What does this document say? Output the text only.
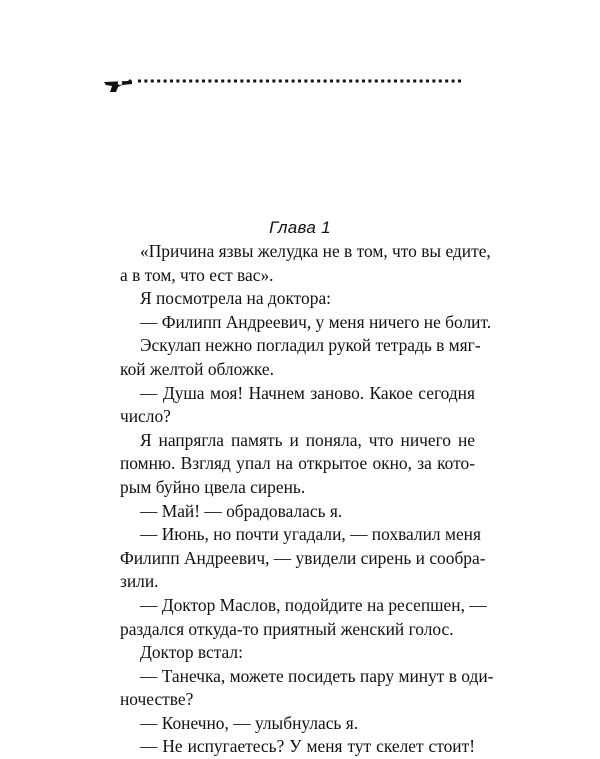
Глава 1
«Причина язвы желудка не в том, что вы едите,
а в том, что ест вас».
Я посмотрела на доктора:
— Филипп Андреевич, у меня ничего не болит.
Эскулап нежно погладил рукой тетрадь в мяг-
кой желтой обложке.
— Душа моя! Начнем заново. Какое сегодня
число?
Я напрягла память и поняла, что ничего не
помню. Взгляд упал на открытое окно, за кото-
рым буйно цвела сирень.
— Май! — обрадовалась я.
— Июнь, но почти угадали, — похвалил меня
Филипп Андреевич, — увидели сирень и сообра-
зили.
— Доктор Маслов, подойдите на ресепшен, —
раздался откуда-то приятный женский голос.
Доктор встал:
— Танечка, можете посидеть пару минут в оди-
ночестве?
— Конечно, — улыбнулась я.
— Не испугаетесь? У меня тут скелет стоит!
